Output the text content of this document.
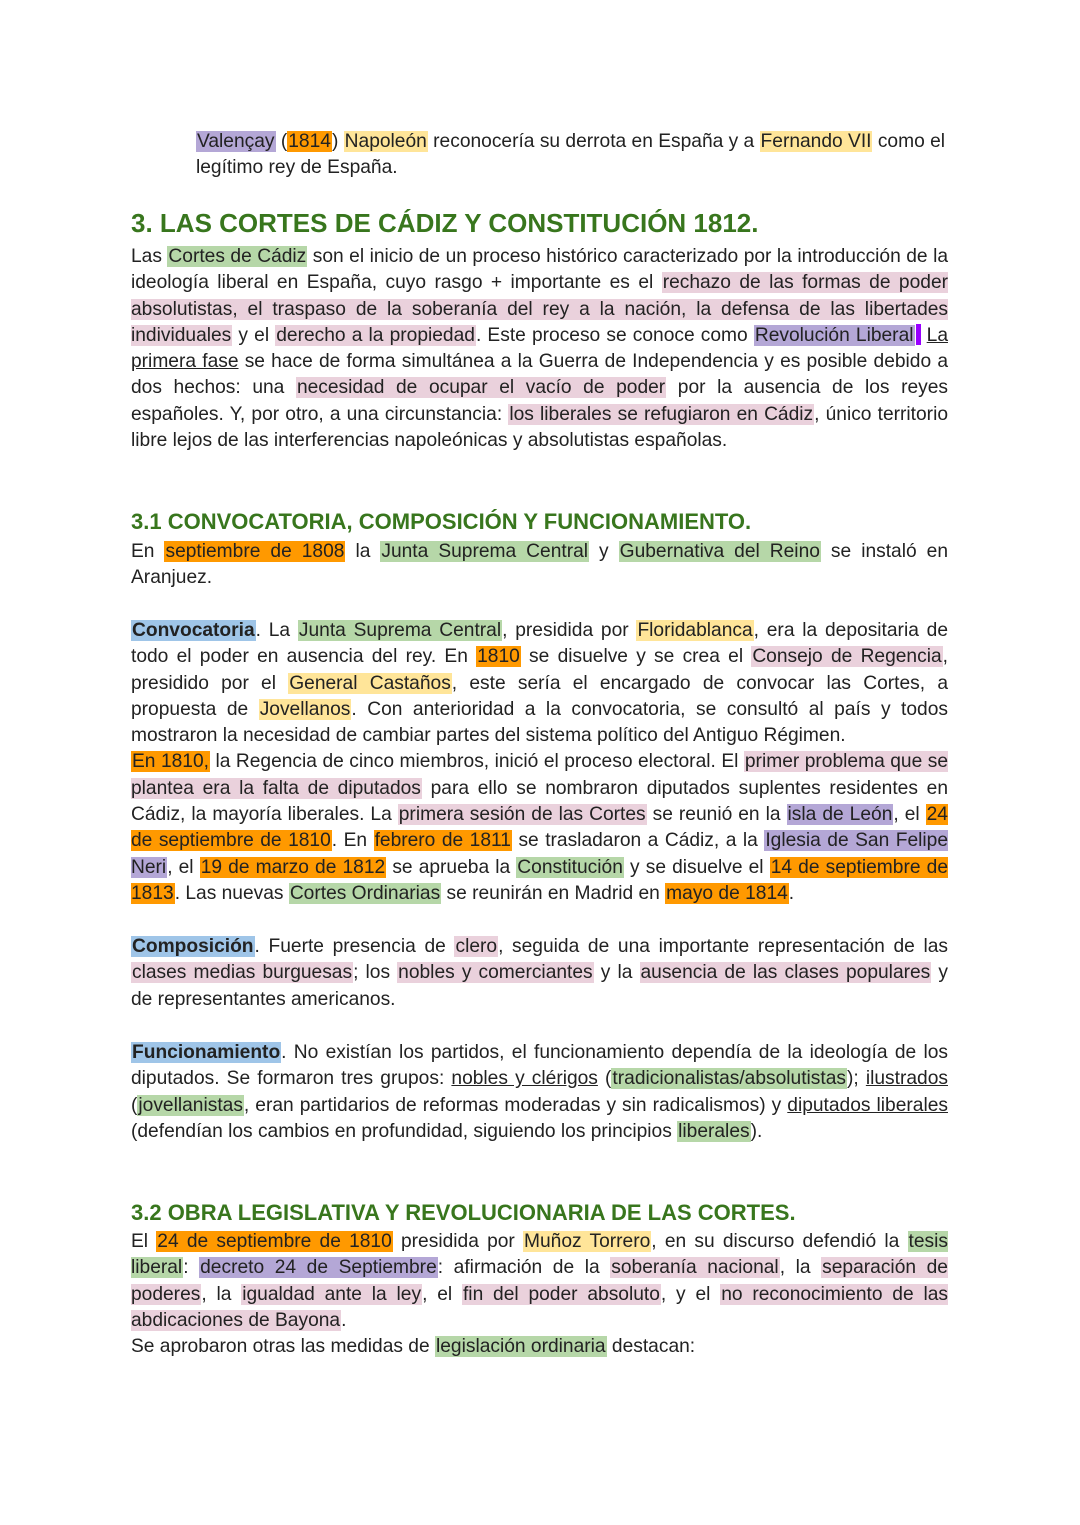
Valençay (1814) Napoleón reconocería su derrota en España y a Fernando VII como el legítimo rey de España.

3. LAS CORTES DE CÁDIZ Y CONSTITUCIÓN 1812.

Las Cortes de Cádiz son el inicio de un proceso histórico caracterizado por la introducción de la ideología liberal en España, cuyo rasgo + importante es el rechazo de las formas de poder absolutistas, el traspaso de la soberanía del rey a la nación, la defensa de las libertades individuales y el derecho a la propiedad. Este proceso se conoce como Revolución Liberal La primera fase se hace de forma simultánea a la Guerra de Independencia y es posible debido a dos hechos: una necesidad de ocupar el vacío de poder por la ausencia de los reyes españoles. Y, por otro, a una circunstancia: los liberales se refugiaron en Cádiz, único territorio libre lejos de las interferencias napoleónicas y absolutistas españolas.

3.1 CONVOCATORIA, COMPOSICIÓN Y FUNCIONAMIENTO.

En septiembre de 1808 la Junta Suprema Central y Gubernativa del Reino se instaló en Aranjuez.

Convocatoria. La Junta Suprema Central, presidida por Floridablanca, era la depositaria de todo el poder en ausencia del rey. En 1810 se disuelve y se crea el Consejo de Regencia, presidido por el General Castaños, este sería el encargado de convocar las Cortes, a propuesta de Jovellanos. Con anterioridad a la convocatoria, se consultó al país y todos mostraron la necesidad de cambiar partes del sistema político del Antiguo Régimen.

En 1810, la Regencia de cinco miembros, inició el proceso electoral. El primer problema que se plantea era la falta de diputados para ello se nombraron diputados suplentes residentes en Cádiz, la mayoría liberales. La primera sesión de las Cortes se reunió en la isla de León, el 24 de septiembre de 1810. En febrero de 1811 se trasladaron a Cádiz, a la Iglesia de San Felipe Neri, el 19 de marzo de 1812 se aprueba la Constitución y se disuelve el 14 de septiembre de 1813. Las nuevas Cortes Ordinarias se reunirán en Madrid en mayo de 1814.

Composición. Fuerte presencia de clero, seguida de una importante representación de las clases medias burguesas; los nobles y comerciantes y la ausencia de las clases populares y de representantes americanos.

Funcionamiento. No existían los partidos, el funcionamiento dependía de la ideología de los diputados. Se formaron tres grupos: nobles y clérigos (tradicionalistas/absolutistas); ilustrados (jovellanistas, eran partidarios de reformas moderadas y sin radicalismos) y diputados liberales (defendían los cambios en profundidad, siguiendo los principios liberales).

3.2 OBRA LEGISLATIVA Y REVOLUCIONARIA DE LAS CORTES.

El 24 de septiembre de 1810 presidida por Muñoz Torrero, en su discurso defendió la tesis liberal: decreto 24 de Septiembre: afirmación de la soberanía nacional, la separación de poderes, la igualdad ante la ley, el fin del poder absoluto, y el no reconocimiento de las abdicaciones de Bayona.

Se aprobaron otras las medidas de legislación ordinaria destacan:
